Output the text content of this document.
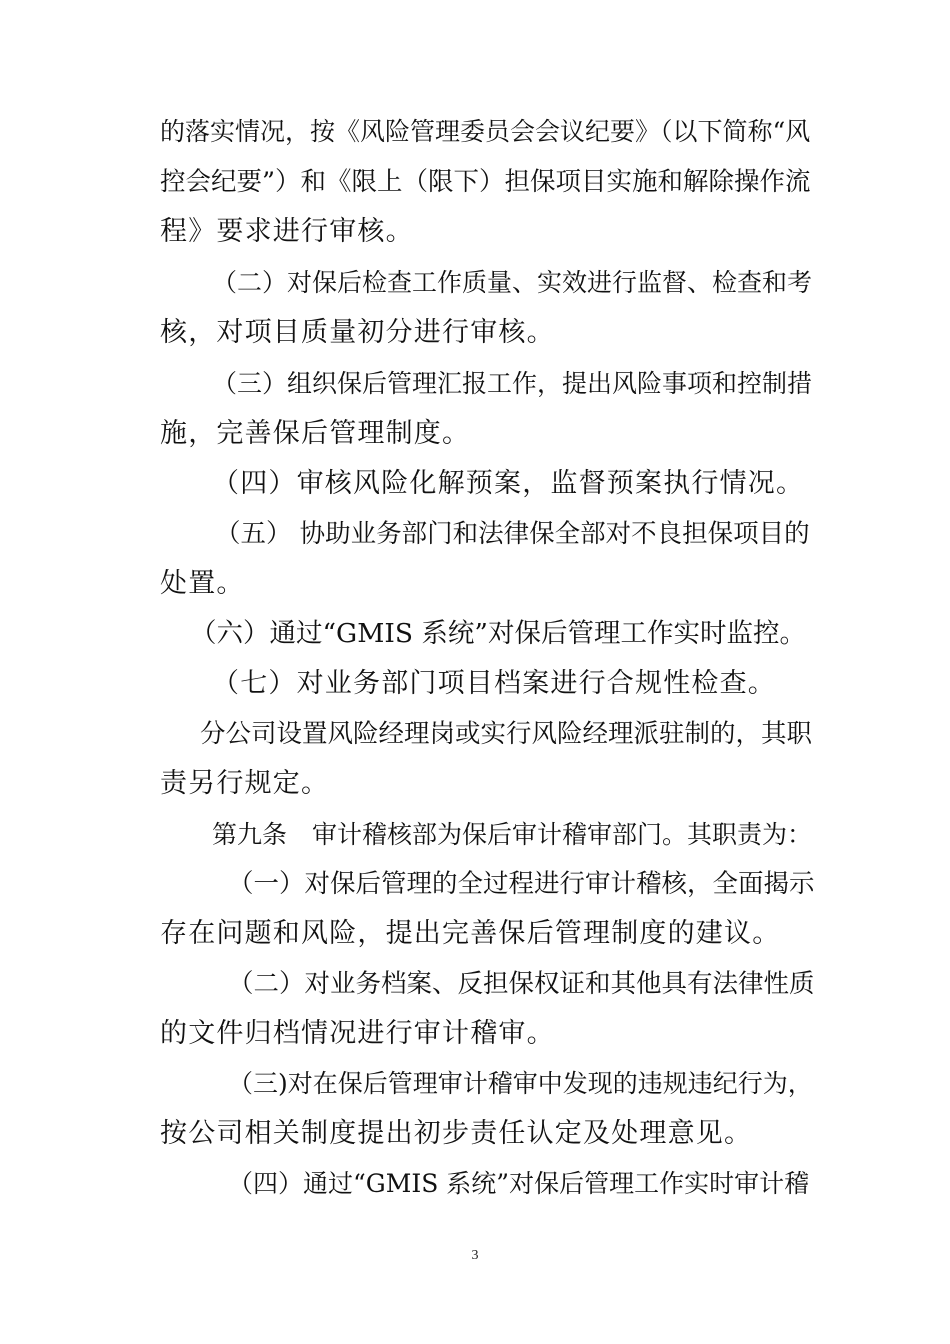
的落实情况，按《风险管理委员会会议纪要》（以下简称“风
控会纪要”）和《限上（限下）担保项目实施和解除操作流
程》要求进行审核。
（二）对保后检查工作质量、实效进行监督、检查和考
核，对项目质量初分进行审核。
（三）组织保后管理汇报工作，提出风险事项和控制措
施，完善保后管理制度。
（四）审核风险化解预案，监督预案执行情况。
（五） 协助业务部门和法律保全部对不良担保项目的
处置。
（六）通过“GMIS 系统”对保后管理工作实时监控。
（七）对业务部门项目档案进行合规性检查。
分公司设置风险经理岗或实行风险经理派驻制的，其职
责另行规定。
第九条　审计稽核部为保后审计稽审部门。其职责为：
（一）对保后管理的全过程进行审计稽核，全面揭示
存在问题和风险，提出完善保后管理制度的建议。
（二）对业务档案、反担保权证和其他具有法律性质
的文件归档情况进行审计稽审。
（三)对在保后管理审计稽审中发现的违规违纪行为，
按公司相关制度提出初步责任认定及处理意见。
（四）通过“GMIS 系统”对保后管理工作实时审计稽
3
